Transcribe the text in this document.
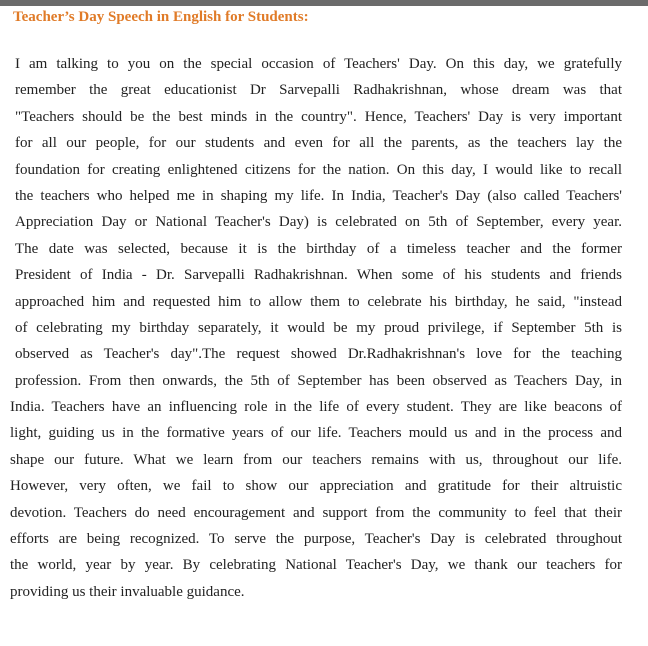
Teacher’s Day Speech in English for Students:
I am talking to you on the special occasion of Teachers' Day. On this day, we gratefully
remember the great educationist Dr Sarvepalli Radhakrishnan, whose dream was that
"Teachers should be the best minds in the country". Hence, Teachers' Day is very important
for all our people, for our students and even for all the parents, as the teachers lay the
foundation for creating enlightened citizens for the nation. On this day, I would like to recall
the teachers who helped me in shaping my life. In India, Teacher's Day (also called Teachers'
Appreciation Day or National Teacher's Day) is celebrated on 5th of September, every year.
The date was selected, because it is the birthday of a timeless teacher and the former
President of India - Dr. Sarvepalli Radhakrishnan. When some of his students and friends
approached him and requested him to allow them to celebrate his birthday, he said, "instead
of celebrating my birthday separately, it would be my proud privilege, if September 5th is
observed as Teacher's day".The request showed Dr.Radhakrishnan's love for the teaching
profession. From then onwards, the 5th of September has been observed as Teachers Day, in
India. Teachers have an influencing role in the life of every student. They are like beacons of
light, guiding us in the formative years of our life. Teachers mould us and in the process and
shape our future. What we learn from our teachers remains with us, throughout our life.
However, very often, we fail to show our appreciation and gratitude for their altruistic
devotion. Teachers do need encouragement and support from the community to feel that their
efforts are being recognized. To serve the purpose, Teacher's Day is celebrated throughout
the world, year by year. By celebrating National Teacher's Day, we thank our teachers for
providing us their invaluable guidance.
